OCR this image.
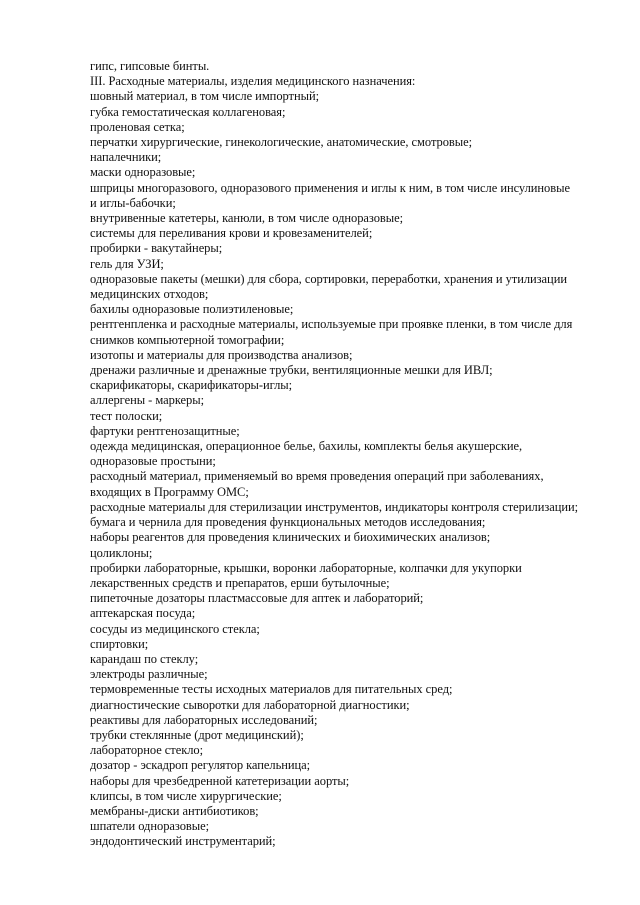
гипс, гипсовые бинты.
III. Расходные материалы, изделия медицинского назначения:
шовный материал, в том числе импортный;
губка гемостатическая коллагеновая;
проленовая сетка;
перчатки хирургические, гинекологические, анатомические, смотровые;
напалечники;
маски одноразовые;
шприцы многоразового, одноразового применения и иглы к ним, в том числе инсулиновые
и иглы-бабочки;
внутривенные катетеры, канюли, в том числе одноразовые;
системы для переливания крови и кровезаменителей;
пробирки - вакутайнеры;
гель для УЗИ;
одноразовые пакеты (мешки) для сбора, сортировки, переработки, хранения и утилизации
медицинских отходов;
бахилы одноразовые полиэтиленовые;
рентгенпленка и расходные материалы, используемые при проявке пленки, в том числе для
снимков компьютерной томографии;
изотопы и материалы для производства анализов;
дренажи различные и дренажные трубки, вентиляционные мешки для ИВЛ;
скарификаторы, скарификаторы-иглы;
аллергены - маркеры;
тест полоски;
фартуки рентгенозащитные;
одежда медицинская, операционное белье, бахилы, комплекты белья акушерские,
одноразовые простыни;
расходный материал, применяемый во время проведения операций при заболеваниях,
входящих в Программу ОМС;
расходные материалы для стерилизации инструментов, индикаторы контроля стерилизации;
бумага и чернила для проведения функциональных методов исследования;
наборы реагентов для проведения клинических и биохимических анализов;
цоликлоны;
пробирки лабораторные, крышки, воронки лабораторные, колпачки для укупорки
лекарственных средств и препаратов, ерши бутылочные;
пипеточные дозаторы пластмассовые для аптек и лабораторий;
аптекарская посуда;
сосуды из медицинского стекла;
спиртовки;
карандаш по стеклу;
электроды различные;
термовременные тесты исходных материалов для питательных сред;
диагностические сыворотки для лабораторной диагностики;
реактивы для лабораторных исследований;
трубки стеклянные (дрот медицинский);
лабораторное стекло;
дозатор - эскадроп регулятор капельница;
наборы для чрезбедренной катетеризации аорты;
клипсы, в том числе хирургические;
мембраны-диски антибиотиков;
шпатели одноразовые;
эндодонтический инструментарий;
